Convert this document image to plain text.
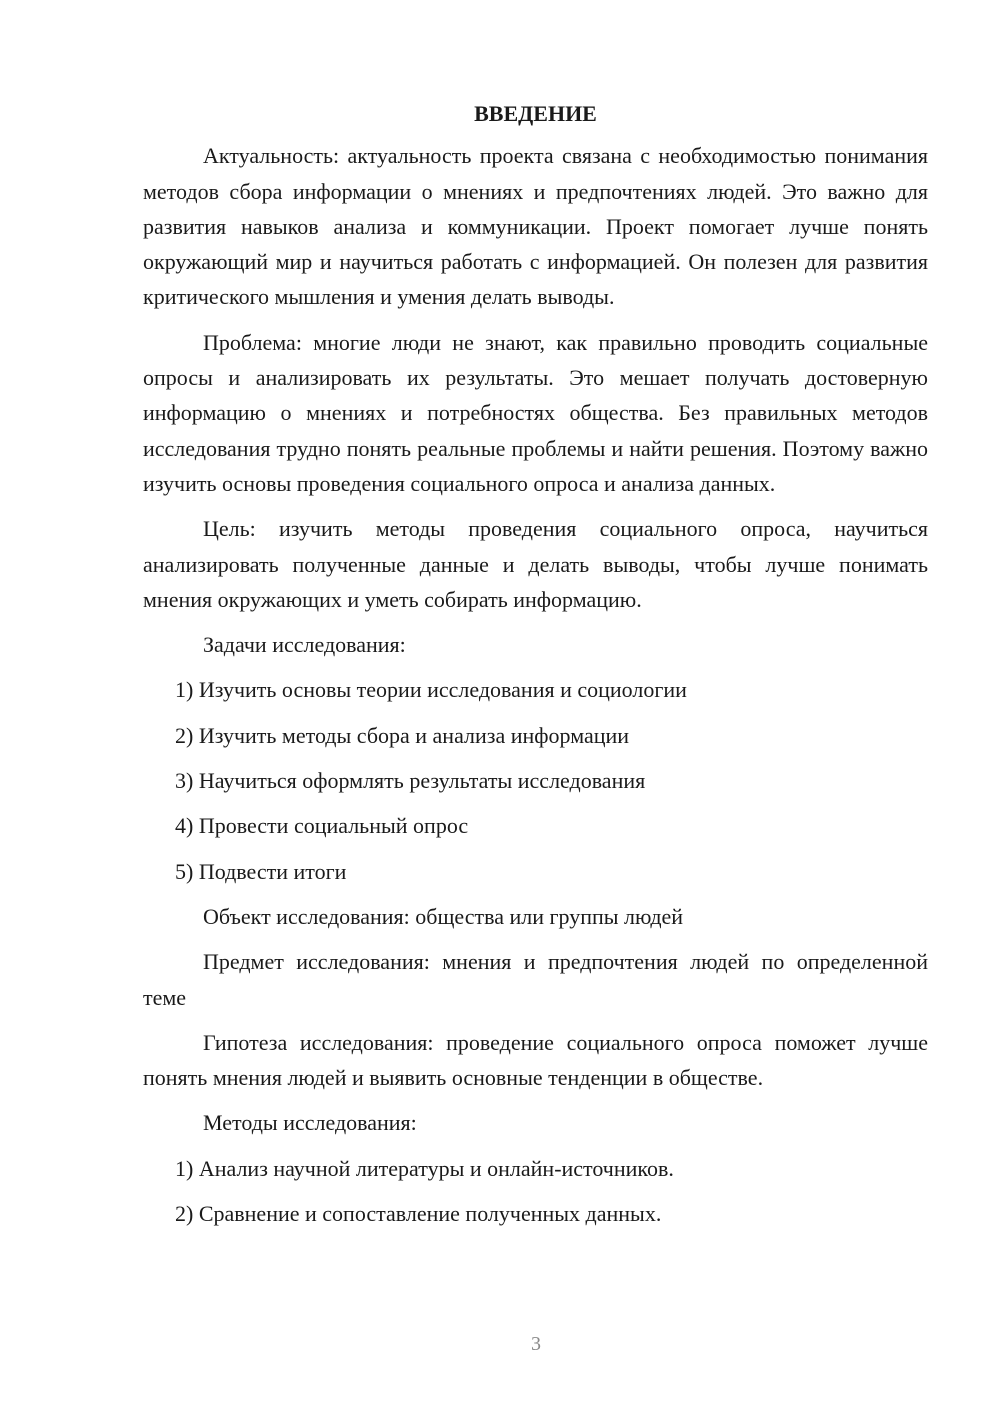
ВВЕДЕНИЕ

Актуальность: актуальность проекта связана с необходимостью понимания методов сбора информации о мнениях и предпочтениях людей. Это важно для развития навыков анализа и коммуникации. Проект помогает лучше понять окружающий мир и научиться работать с информацией. Он полезен для развития критического мышления и умения делать выводы.

Проблема: многие люди не знают, как правильно проводить социальные опросы и анализировать их результаты. Это мешает получать достоверную информацию о мнениях и потребностях общества. Без правильных методов исследования трудно понять реальные проблемы и найти решения. Поэтому важно изучить основы проведения социального опроса и анализа данных.

Цель: изучить методы проведения социального опроса, научиться анализировать полученные данные и делать выводы, чтобы лучше понимать мнения окружающих и уметь собирать информацию.

Задачи исследования:
1) Изучить основы теории исследования и социологии
2) Изучить методы сбора и анализа информации
3) Научиться оформлять результаты исследования
4) Провести социальный опрос
5) Подвести итоги

Объект исследования: общества или группы людей

Предмет исследования: мнения и предпочтения людей по определенной теме

Гипотеза исследования: проведение социального опроса поможет лучше понять мнения людей и выявить основные тенденции в обществе.

Методы исследования:
1) Анализ научной литературы и онлайн-источников.
2) Сравнение и сопоставление полученных данных.
3
